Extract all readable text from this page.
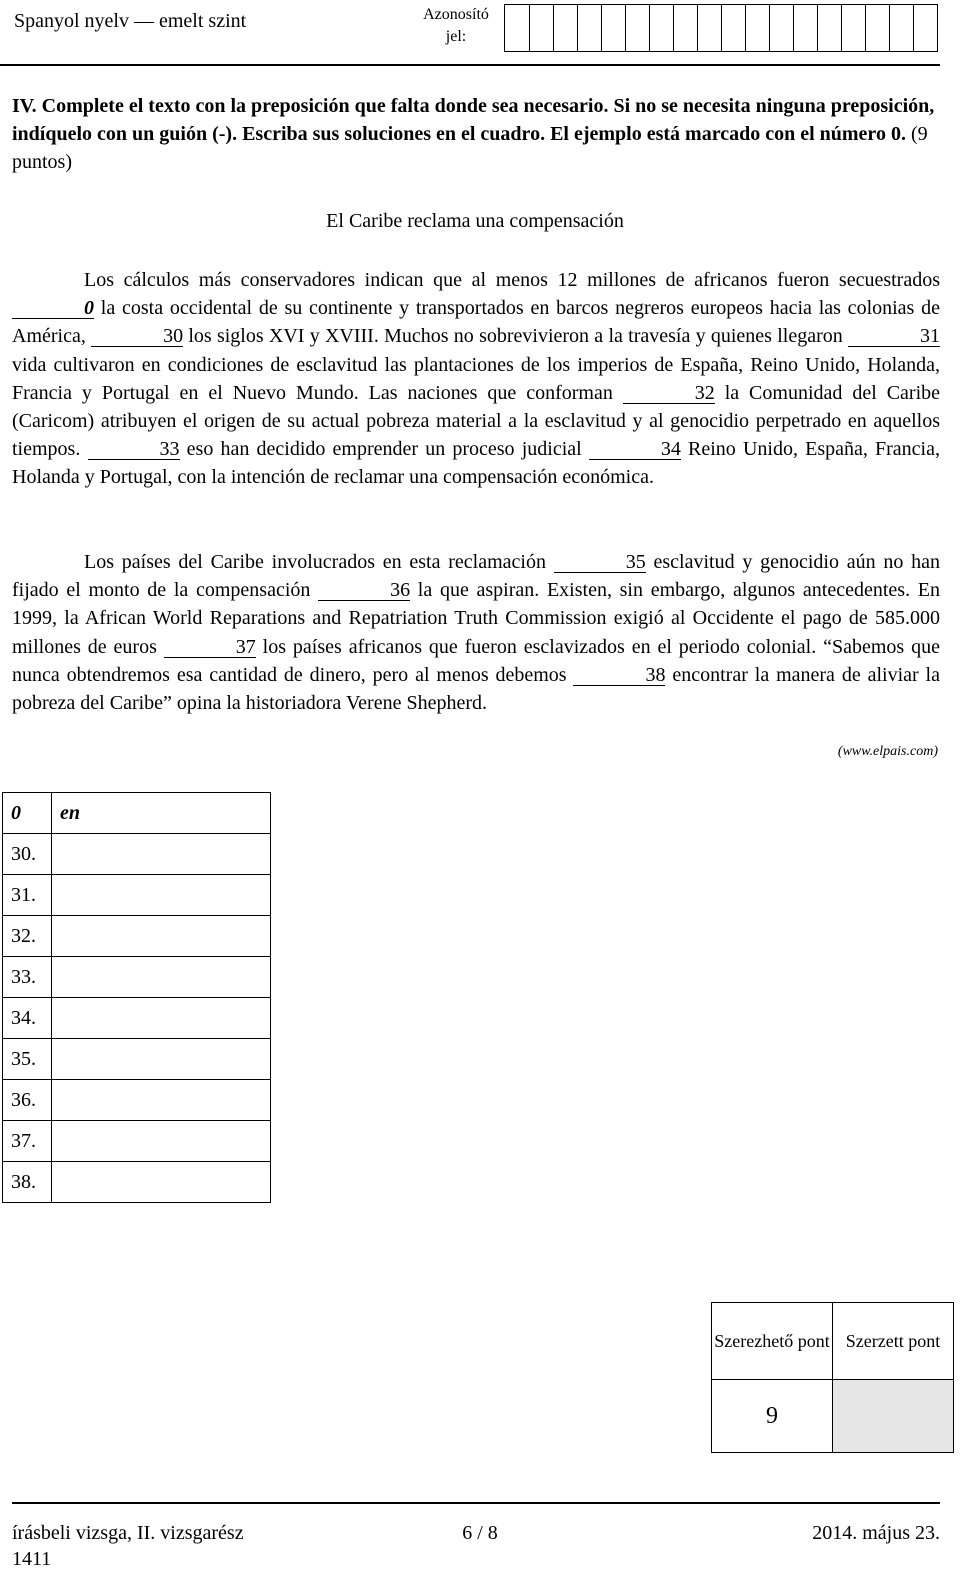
Spanyol nyelv — emelt szint	Azonosító jel:
IV. Complete el texto con la preposición que falta donde sea necesario. Si no se necesita ninguna preposición, indíquelo con un guión (-). Escriba sus soluciones en el cuadro. El ejemplo está marcado con el número 0. (9 puntos)
El Caribe reclama una compensación
Los cálculos más conservadores indican que al menos 12 millones de africanos fueron secuestrados 0 la costa occidental de su continente y transportados en barcos negreros europeos hacia las colonias de América,	30 los siglos XVI y XVIII. Muchos no sobrevivieron a la travesía y quienes llegaron	31 vida cultivaron en condiciones de esclavitud las plantaciones de los imperios de España, Reino Unido, Holanda, Francia y Portugal en el Nuevo Mundo. Las naciones que conforman	32 la Comunidad del Caribe (Caricom) atribuyen el origen de su actual pobreza material a la esclavitud y al genocidio perpetrado en aquellos tiempos.	33 eso han decidido emprender un proceso judicial	34 Reino Unido, España, Francia, Holanda y Portugal, con la intención de reclamar una compensación económica.
Los países del Caribe involucrados en esta reclamación	35 esclavitud y genocidio aún no han fijado el monto de la compensación	36 la que aspiran. Existen, sin embargo, algunos antecedentes. En 1999, la African World Reparations and Repatriation Truth Commission exigió al Occidente el pago de 585.000 millones de euros	37 los países africanos que fueron esclavizados en el periodo colonial. “Sabemos que nunca obtendremos esa cantidad de dinero, pero al menos debemos	38 encontrar la manera de aliviar la pobreza del Caribe” opina la historiadora Verene Shepherd.
(www.elpais.com)
0	en
30.	
31.	
32.	
33.	
34.	
35.	
36.	
37.	
38.	
Szerezhető pont	Szerzett pont
9	
írásbeli vizsga, II. vizsgarész	6 / 8	2014. május 23.
1411
